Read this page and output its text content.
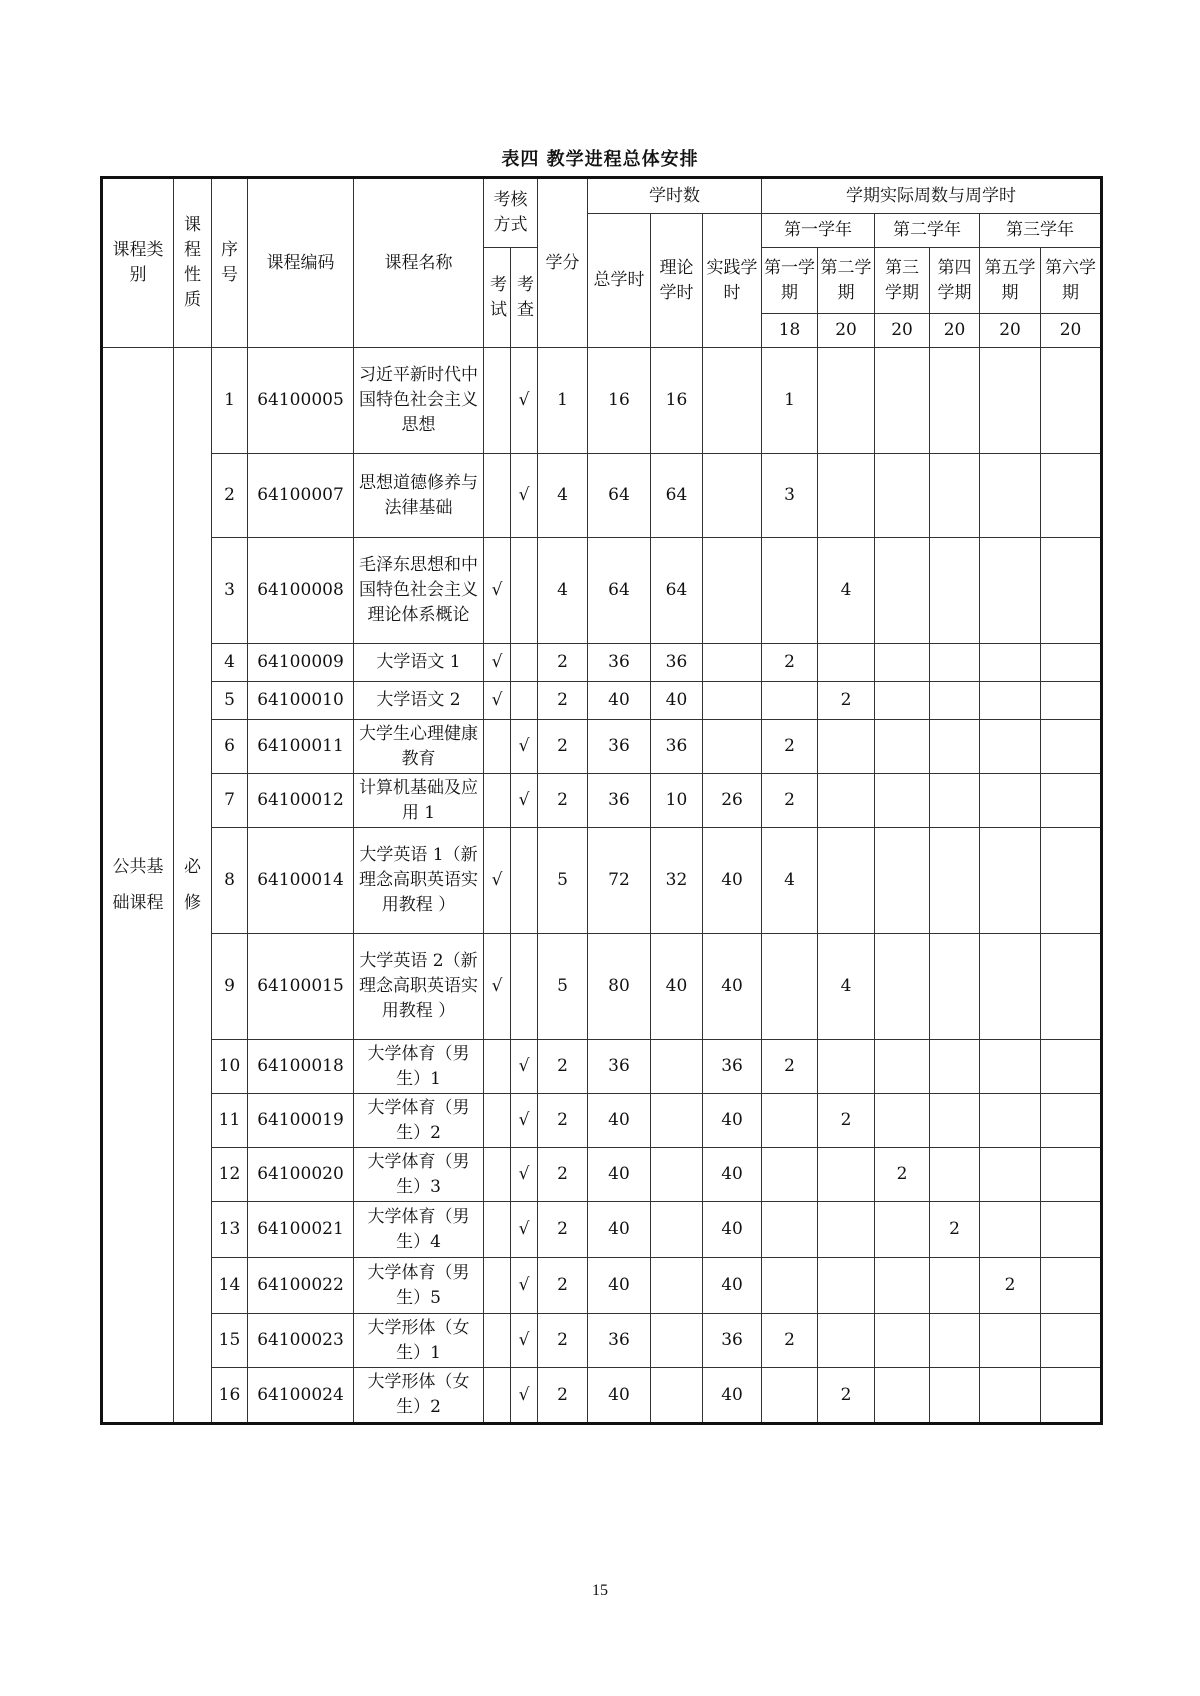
表四 教学进程总体安排
课程类别	课程性质	序号	课程编码	课程名称	考核方式		学分	学时数			学期实际周数与周学时					
								总学时	理论学时	实践学时	第一学年		第二学年		第三学年	
					考试	考查					第一学期	第二学期	第三学期	第四学期	第五学期	第六学期
											18	20	20	20	20	20
公共基础课程	必修	1	64100005	习近平新时代中国特色社会主义思想		√	1	16	16		1					
		2	64100007	思想道德修养与法律基础		√	4	64	64		3					
		3	64100008	毛泽东思想和中国特色社会主义理论体系概论	√		4	64	64			4				
		4	64100009	大学语文 1	√		2	36	36		2					
		5	64100010	大学语文 2	√		2	40	40			2				
		6	64100011	大学生心理健康教育		√	2	36	36		2					
		7	64100012	计算机基础及应用 1		√	2	36	10	26	2					
		8	64100014	大学英语 1（新理念高职英语实用教程 ）	√		5	72	32	40	4					
		9	64100015	大学英语 2（新理念高职英语实用教程 ）	√		5	80	40	40		4				
		10	64100018	大学体育（男生）1		√	2	36		36	2					
		11	64100019	大学体育（男生）2		√	2	40		40		2				
		12	64100020	大学体育（男生）3		√	2	40		40			2			
		13	64100021	大学体育（男生）4		√	2	40		40				2		
		14	64100022	大学体育（男生）5		√	2	40		40					2	
		15	64100023	大学形体（女生）1		√	2	36		36	2					
		16	64100024	大学形体（女生）2		√	2	40		40		2				
15
